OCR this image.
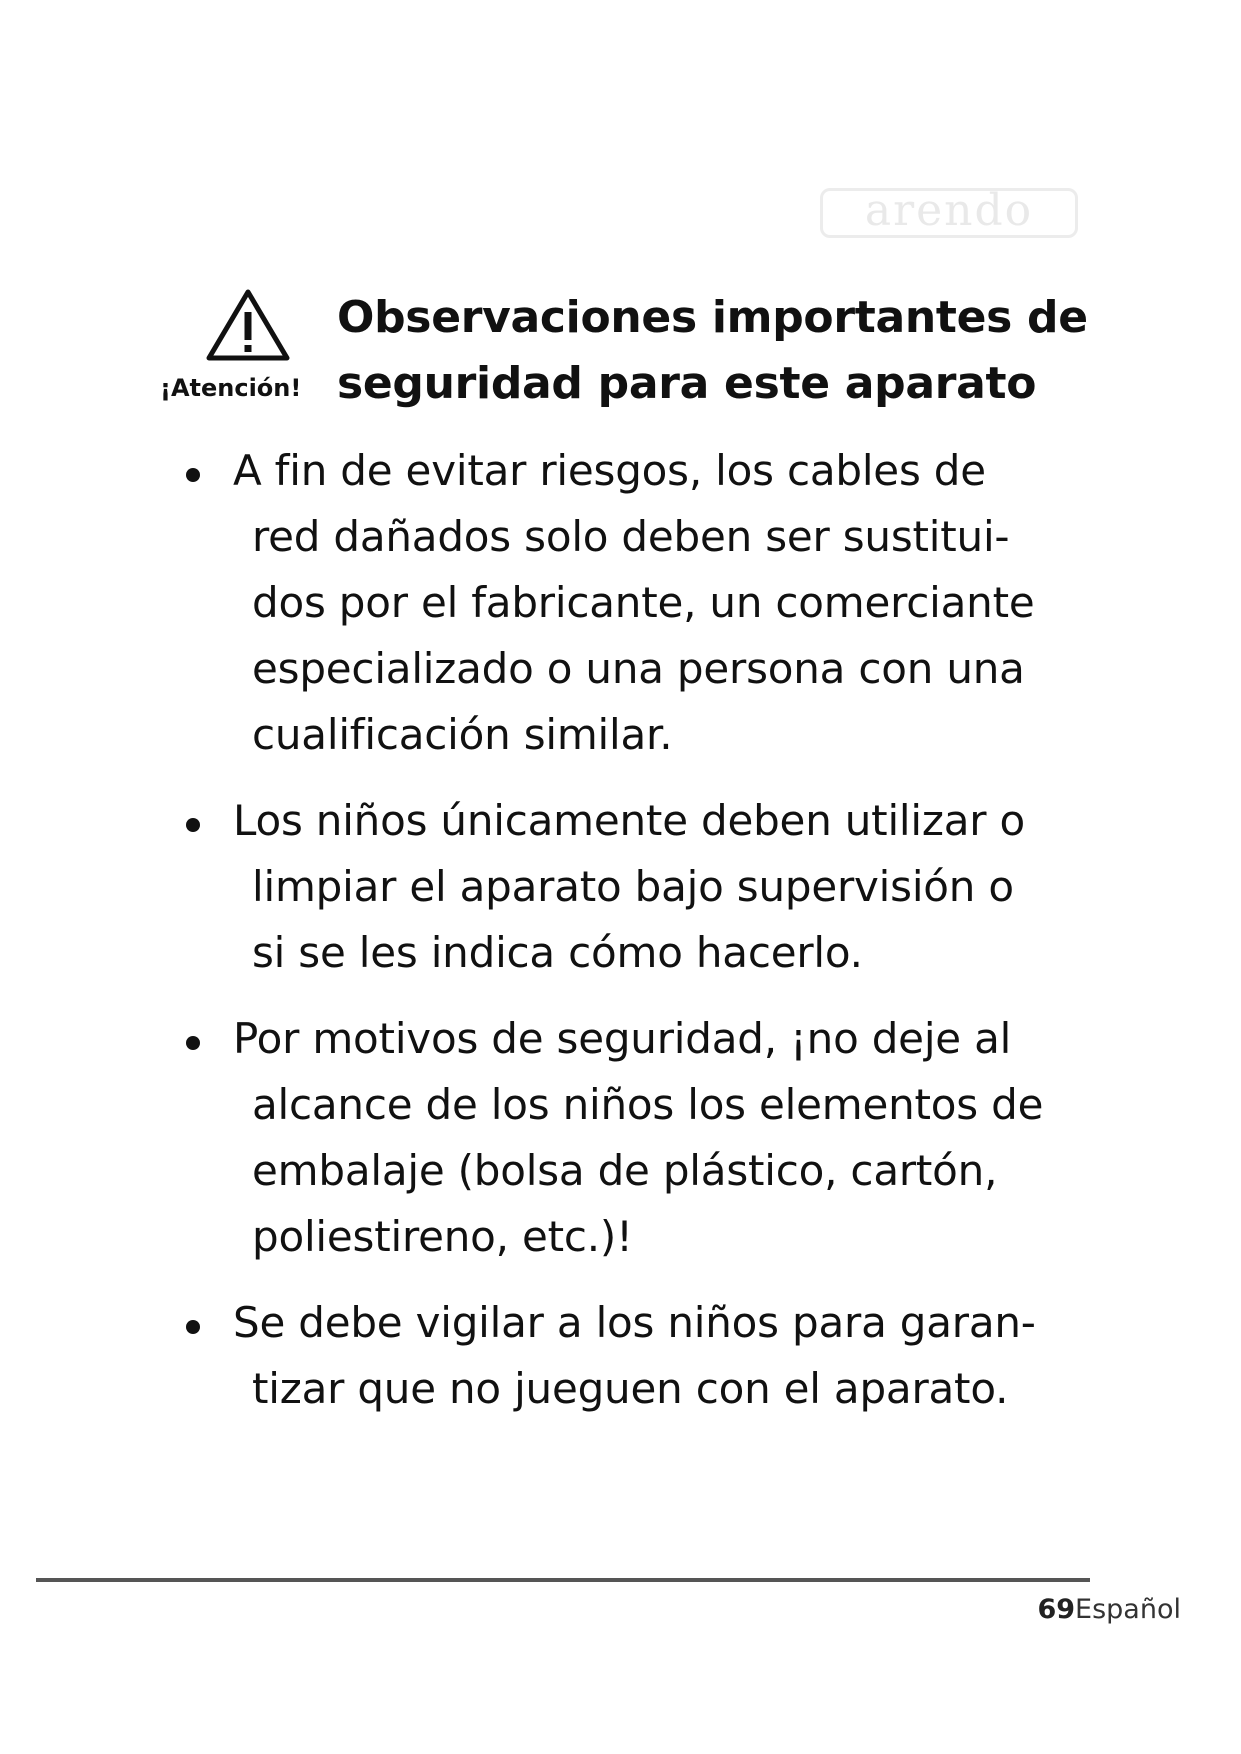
arendo
¡Atención!
Observaciones importantes de
seguridad para este aparato
A fin de evitar riesgos, los cables de
red dañados solo deben ser sustitui-
dos por el fabricante, un comerciante
especializado o una persona con una
cualificación similar.
Los niños únicamente deben utilizar o
limpiar el aparato bajo supervisión o
si se les indica cómo hacerlo.
Por motivos de seguridad, ¡no deje al
alcance de los niños los elementos de
embalaje (bolsa de plástico, cartón,
poliestireno, etc.)!
Se debe vigilar a los niños para garan-
tizar que no jueguen con el aparato.
69Español
